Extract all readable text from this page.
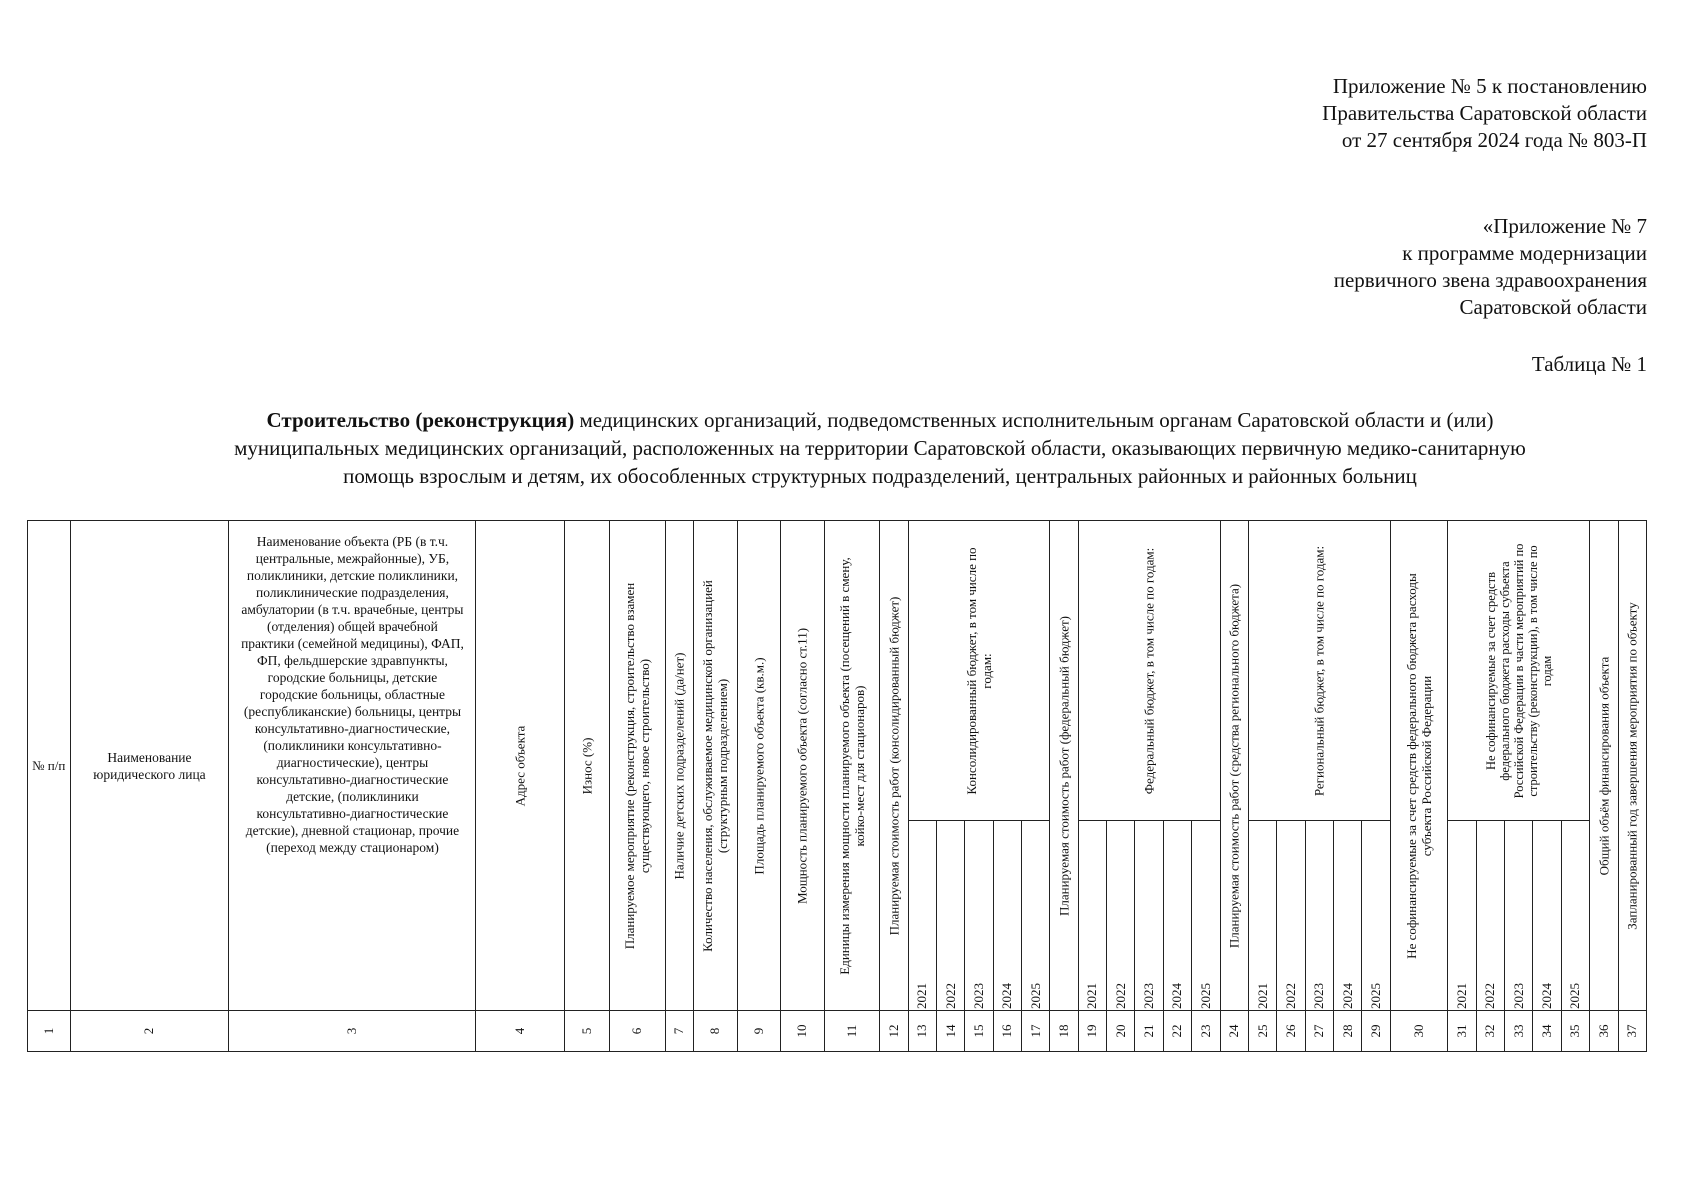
Приложение № 5 к постановлению
Правительства Саратовской области
от 27 сентября 2024 года № 803-П
«Приложение № 7
к программе модернизации
первичного звена здравоохранения
Саратовской области
Таблица № 1
Строительство (реконструкция) медицинских организаций, подведомственных исполнительным органам Саратовской области и (или)
муниципальных медицинских организаций, расположенных на территории Саратовской области, оказывающих первичную медико-санитарную
помощь взрослым и детям, их обособленных структурных подразделений, центральных районных и районных больниц
№ п/п	Наименование юридического лица	Наименование объекта (РБ (в т.ч. центральные, межрайонные), УБ, поликлиники, детские поликлиники, поликлинические подразделения, амбулатории (в т.ч. врачебные, центры (отделения) общей врачебной практики (семейной медицины), ФАП, ФП, фельдшерские здравпункты, городские больницы, детские городские больницы, областные (республиканские) больницы, центры консультативно-диагностические, (поликлиники консультативно-диагностические), центры консультативно-диагностические детские, (поликлиники консультативно-диагностические детские), дневной стационар, прочие (переход между стационаром)	Адрес объекта	Износ (%)	Планируемое мероприятие (реконструкция, строительство взамен существующего, новое строительство)	Наличие детских подразделений (да/нет)	Количество населения, обслуживаемое медицинской организацией (структурным подразделением)	Площадь планируемого объекта (кв.м.)	Мощность планируемого объекта (согласно ст.11)	Единицы измерения мощности планируемого объекта (посещений в смену, койко-мест для стационаров)	Планируемая стоимость работ (консолидированный бюджет)	Консолидированный бюджет, в том числе по годам:					Планируемая стоимость работ (федеральный бюджет)	Федеральный бюджет, в том числе по годам:					Планируемая стоимость работ (средства регионального бюджета)	Региональный бюджет, в том числе по годам:					Не софинансируемые за счет средств федерального бюджета расходы субъекта Российской Федерации	Не софинансируемые за счет средств федерального бюджета расходы субъекта Российской Федерации в части мероприятий по строительству (реконструкции), в том числе по годам					Общий объём финансирования объекта	Запланированный год завершения мероприятия по объекту

												2021	2022	2023	2024	2025		2021	2022	2023	2024	2025		2021	2022	2023	2024	2025		2021	2022	2023	2024	2025		

1	2	3	4	5	6	7	8	9	10	11	12	13	14	15	16	17	18	19	20	21	22	23	24	25	26	27	28	29	30	31	32	33	34	35	36	37
